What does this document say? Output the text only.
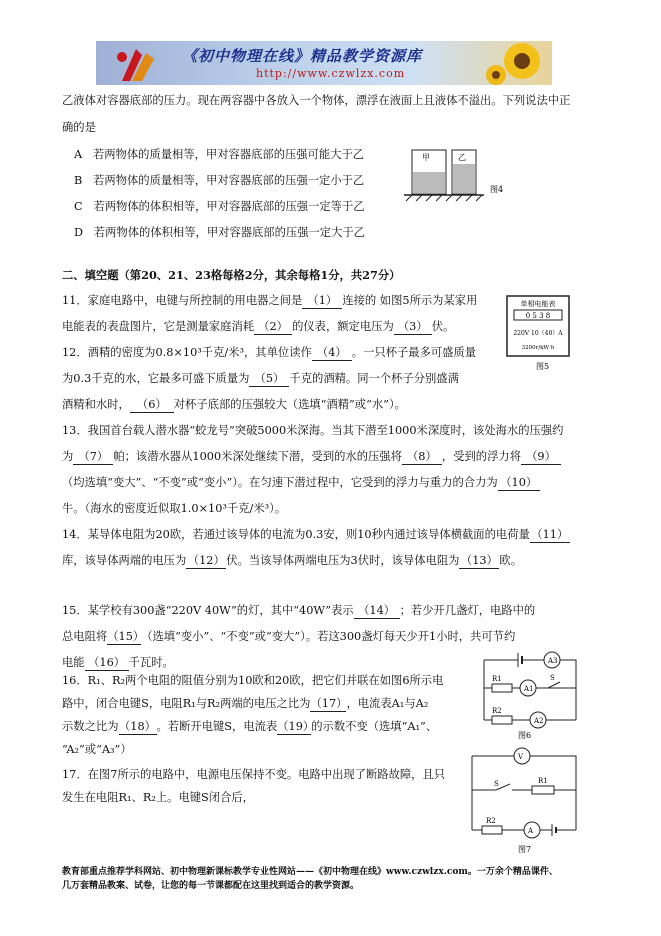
《初中物理在线》精品教学资源库
http://www.czwlzx.com
乙液体对容器底部的压力。现在两容器中各放入一个物体，漂浮在液面上且液体不溢出。下列说法中正
确的是
A 若两物体的质量相等，甲对容器底部的压强可能大于乙
B 若两物体的质量相等，甲对容器底部的压强一定小于乙
C 若两物体的体积相等，甲对容器底部的压强一定等于乙
D 若两物体的体积相等，甲对容器底部的压强一定大于乙
甲	乙
图4
二、填空题（第20、21、23格每格2分，其余每格1分，共27分）
11．家庭电路中，电键与所控制的用电器之间是 （1） 连接的 如图5所示为某家用
电能表的表盘图片，它是测量家庭消耗 （2） 的仪表，额定电压为 （3） 伏。
单相电能表
0 5 3 8
220V 10（40）A
3200r/kW·h
图5
12．酒精的密度为0.8×10³千克/米³，其单位读作 （4） 。一只杯子最多可盛质量
为0.3千克的水，它最多可盛下质量为 （5） 千克的酒精。同一个杯子分别盛满
酒精和水时， （6） 对杯子底部的压强较大（选填“酒精”或“水”）。
13．我国首台载人潜水器“蛟龙号”突破5000米深海。当其下潜至1000米深度时，该处海水的压强约
为 （7） 帕；该潜水器从1000米深处继续下潜，受到的水的压强将 （8） ，受到的浮力将 （9）
（均选填“变大”、“不变”或“变小”）。在匀速下潜过程中，它受到的浮力与重力的合力为 （10）
牛。（海水的密度近似取1.0×10³千克/米³）。
14．某导体电阻为20欧，若通过该导体的电流为0.3安，则10秒内通过该导体横截面的电荷量 （11）
库，该导体两端的电压为 （12） 伏。当该导体两端电压为3伏时，该导体电阻为 （13） 欧。
15．某学校有300盏“220V 40W”的灯，其中“40W”表示 （14） ；若少开几盏灯，电路中的
总电阻将（15）（选填“变小”、“不变”或“变大”）。若这300盏灯每天少开1小时，共可节约
电能 （16） 千瓦时。
16．R₁、R₂两个电阻的阻值分别为10欧和20欧，把它们并联在如图6所示电
路中，闭合电键S，电阻R₁与R₂两端的电压之比为（17），电流表A₁与A₂
示数之比为（18）。若断开电键S，电流表（19）的示数不变（选填“A₁”、
“A₂”或“A₃”）
A3
A1
A2
R1
R2
S
图6
17．在图7所示的电路中，电源电压保持不变。电路中出现了断路故障，且只
发生在电阻R₁、R₂上。电键S闭合后，
V
A
S	R1
R2
图7
教育部重点推荐学科网站、初中物理新课标教学专业性网站——《初中物理在线》www.czwlzx.com。一万余个精品课件、
几万套精品教案、试卷，让您的每一节课都配在这里找到适合的教学资源。
